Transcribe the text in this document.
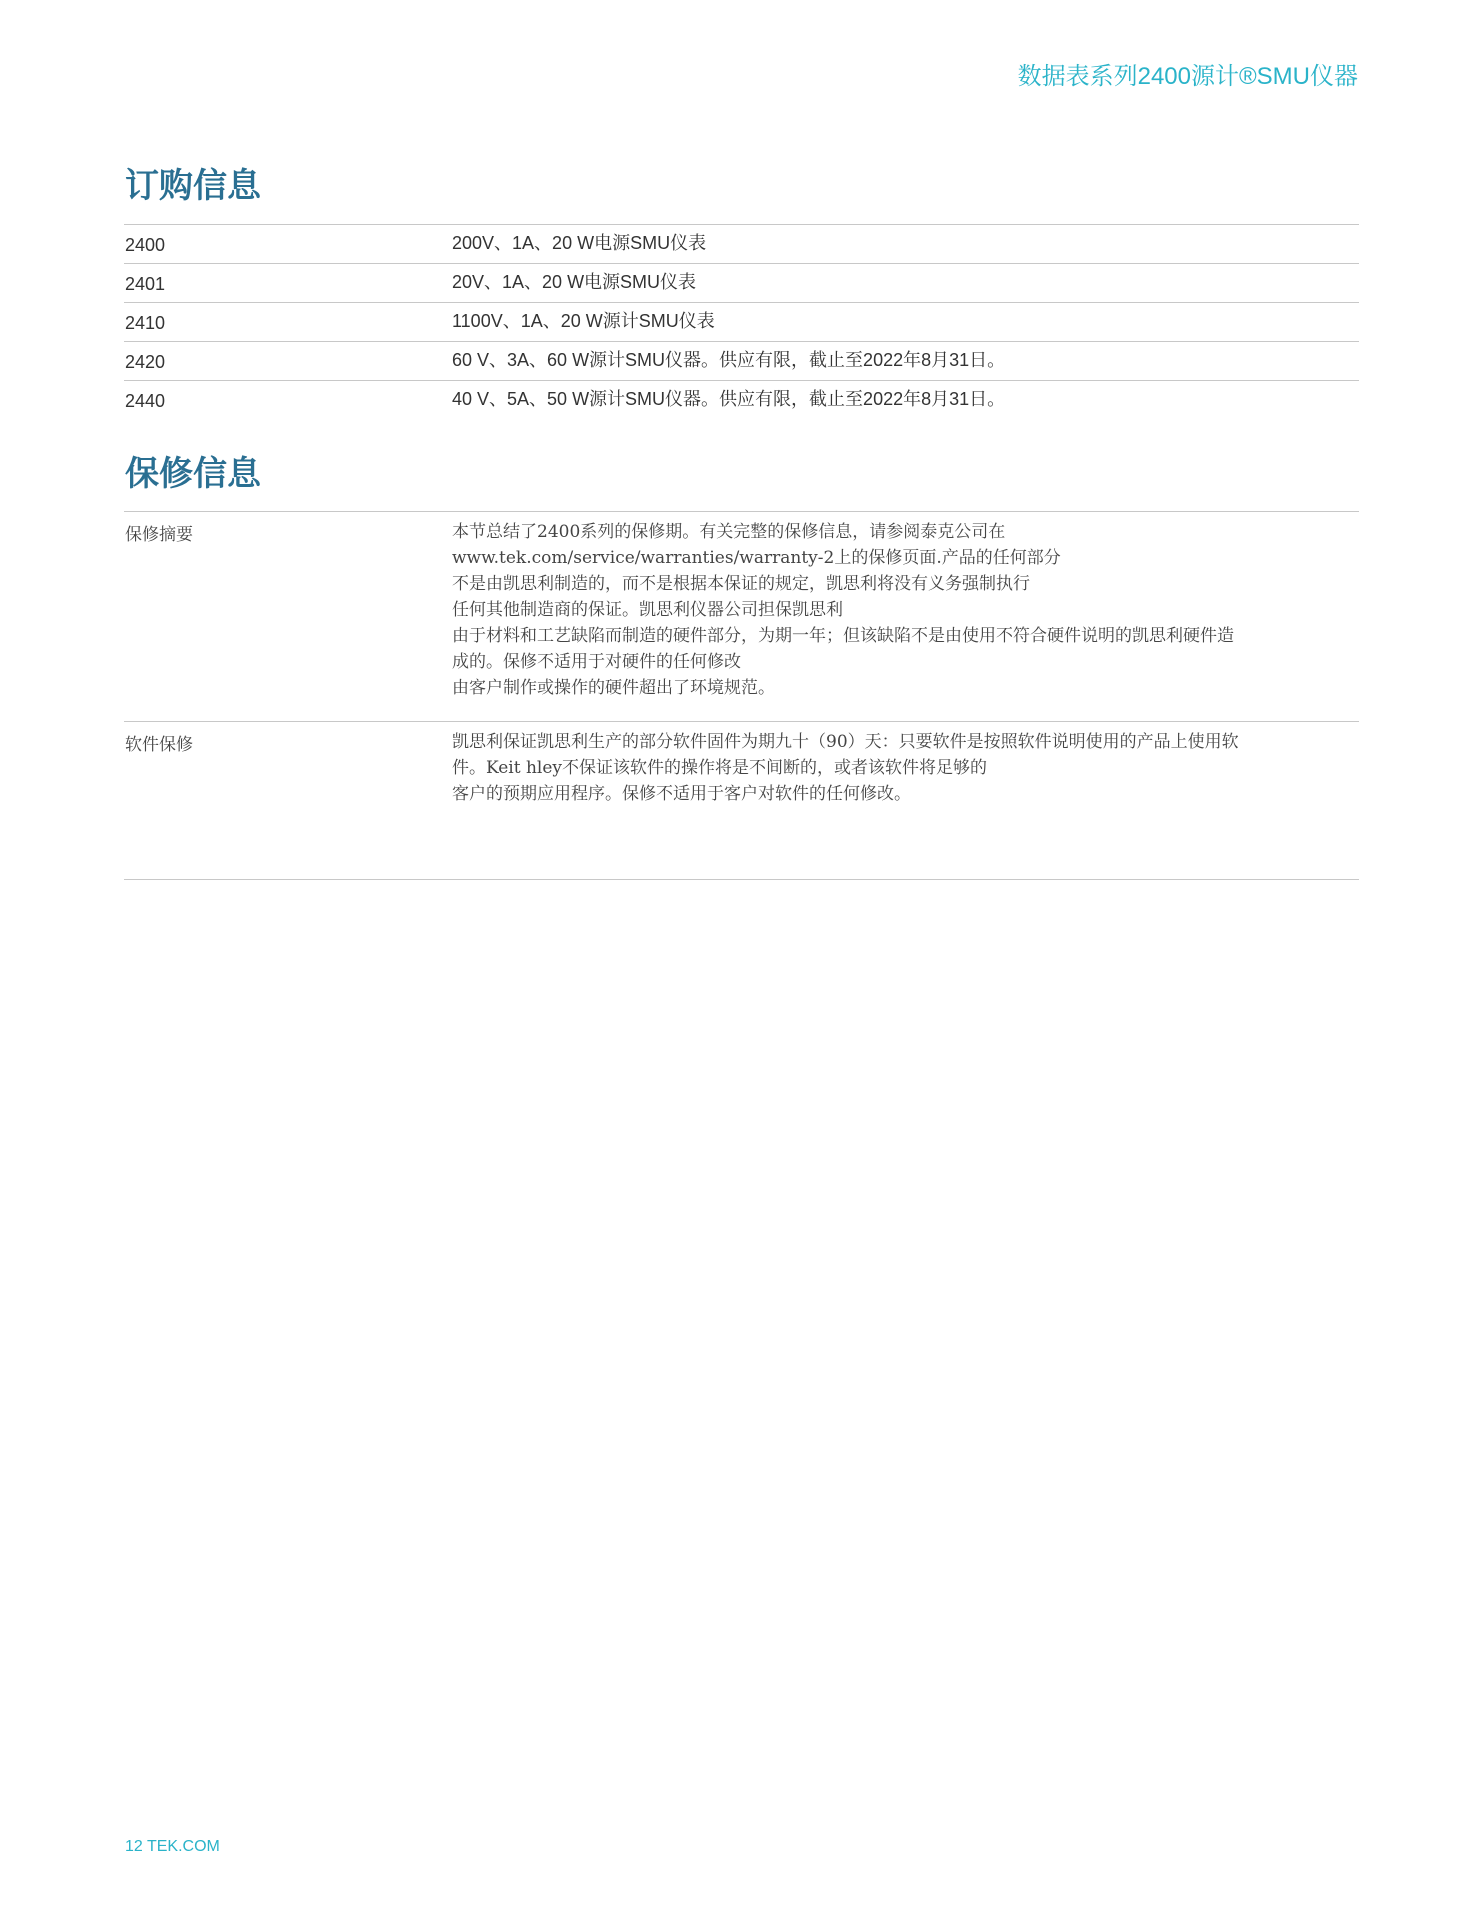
数据表系列2400源计®SMU仪器
订购信息
2400	200V、1A、20 W电源SMU仪表
2401	20V、1A、20 W电源SMU仪表
2410	1100V、1A、20 W源计SMU仪表
2420	60 V、3A、60 W源计SMU仪器。供应有限，截止至2022年8月31日。
2440	40 V、5A、50 W源计SMU仪器。供应有限，截止至2022年8月31日。
保修信息
保修摘要	本节总结了2400系列的保修期。有关完整的保修信息，请参阅泰克公司在
www.tek.com/service/warranties/warranty-2上的保修页面.产品的任何部分
不是由凯思利制造的，而不是根据本保证的规定，凯思利将没有义务强制执行
任何其他制造商的保证。凯思利仪器公司担保凯思利
由于材料和工艺缺陷而制造的硬件部分，为期一年；但该缺陷不是由使用不符合硬件说明的凯思利硬件造
成的。保修不适用于对硬件的任何修改
由客户制作或操作的硬件超出了环境规范。
软件保修	凯思利保证凯思利生产的部分软件固件为期九十（90）天：只要软件是按照软件说明使用的产品上使用软
件。Keit hley不保证该软件的操作将是不间断的，或者该软件将足够的
客户的预期应用程序。保修不适用于客户对软件的任何修改。
12 TEK.COM
